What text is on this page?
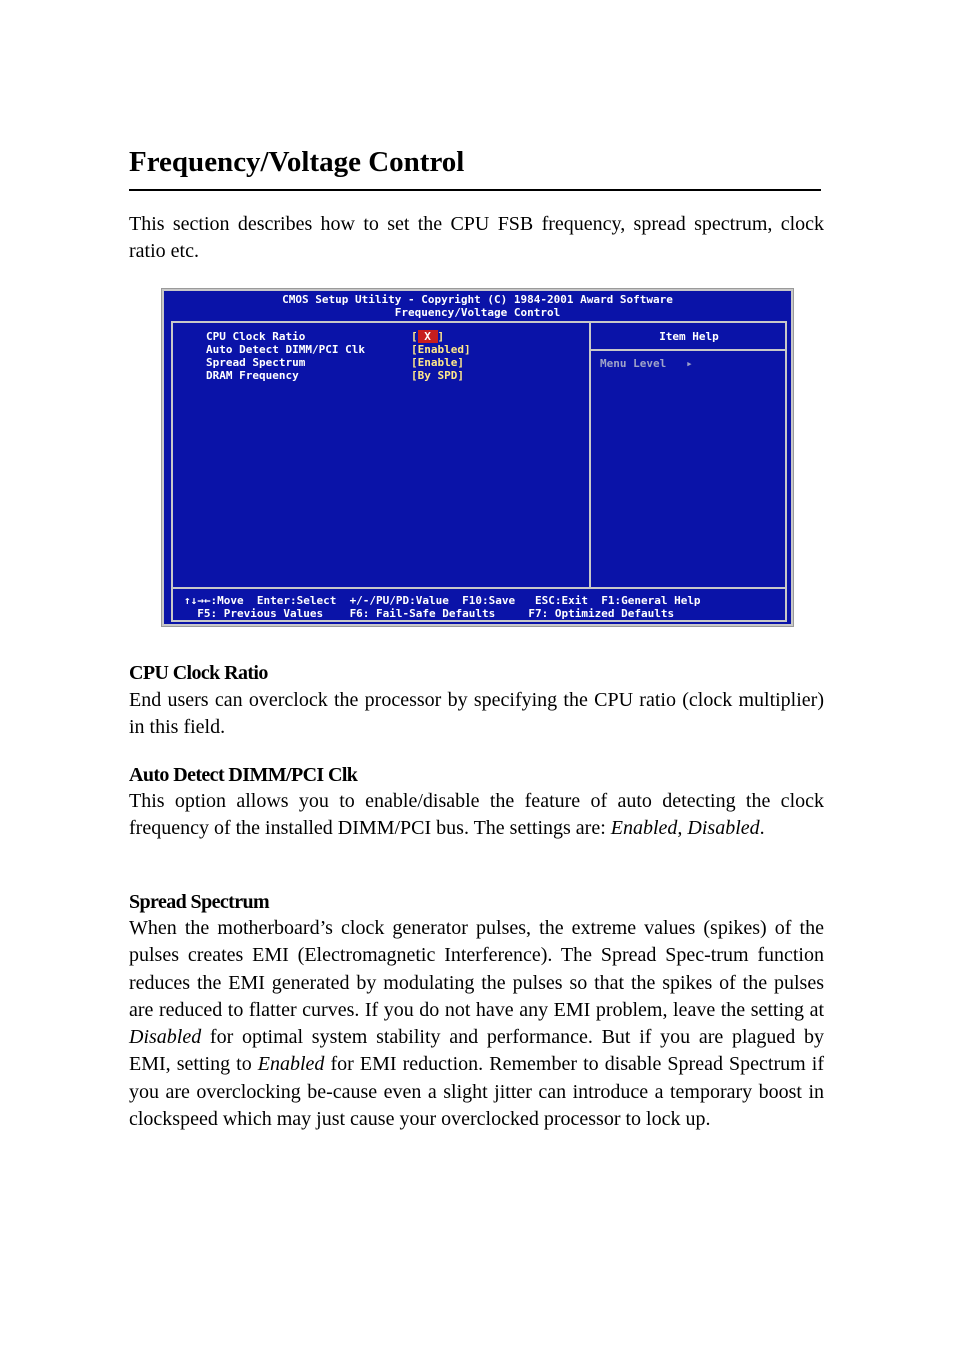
Frequency/Voltage Control

This section describes how to set the CPU FSB frequency, spread spectrum, clock ratio etc.

CMOS Setup Utility - Copyright (C) 1984-2001 Award Software
Frequency/Voltage Control
CPU Clock Ratio	[ X ]
Auto Detect DIMM/PCI Clk	[Enabled]
Spread Spectrum	[Enable]
DRAM Frequency	[By SPD]
Item Help
Menu Level   ▸
↑↓→←:Move  Enter:Select  +/-/PU/PD:Value  F10:Save   ESC:Exit  F1:General Help
F5: Previous Values    F6: Fail-Safe Defaults     F7: Optimized Defaults
CPU Clock Ratio

End users can overclock the processor by specifying the CPU ratio (clock multiplier) in this field.

Auto Detect DIMM/PCI Clk

This option allows you to enable/disable the feature of auto detecting the clock frequency of the installed DIMM/PCI bus. The settings are: Enabled, Disabled.

Spread Spectrum

When the motherboard’s clock generator pulses, the extreme values (spikes) of the pulses creates EMI (Electromagnetic Interference). The Spread Spec-trum function reduces the EMI generated by modulating the pulses so that the spikes of the pulses are reduced to flatter curves. If you do not have any EMI problem, leave the setting at Disabled for optimal system stability and performance. But if you are plagued by EMI, setting to Enabled for EMI reduction. Remember to disable Spread Spectrum if you are overclocking be-cause even a slight jitter can introduce a temporary boost in clockspeed which may just cause your overclocked processor to lock up.
